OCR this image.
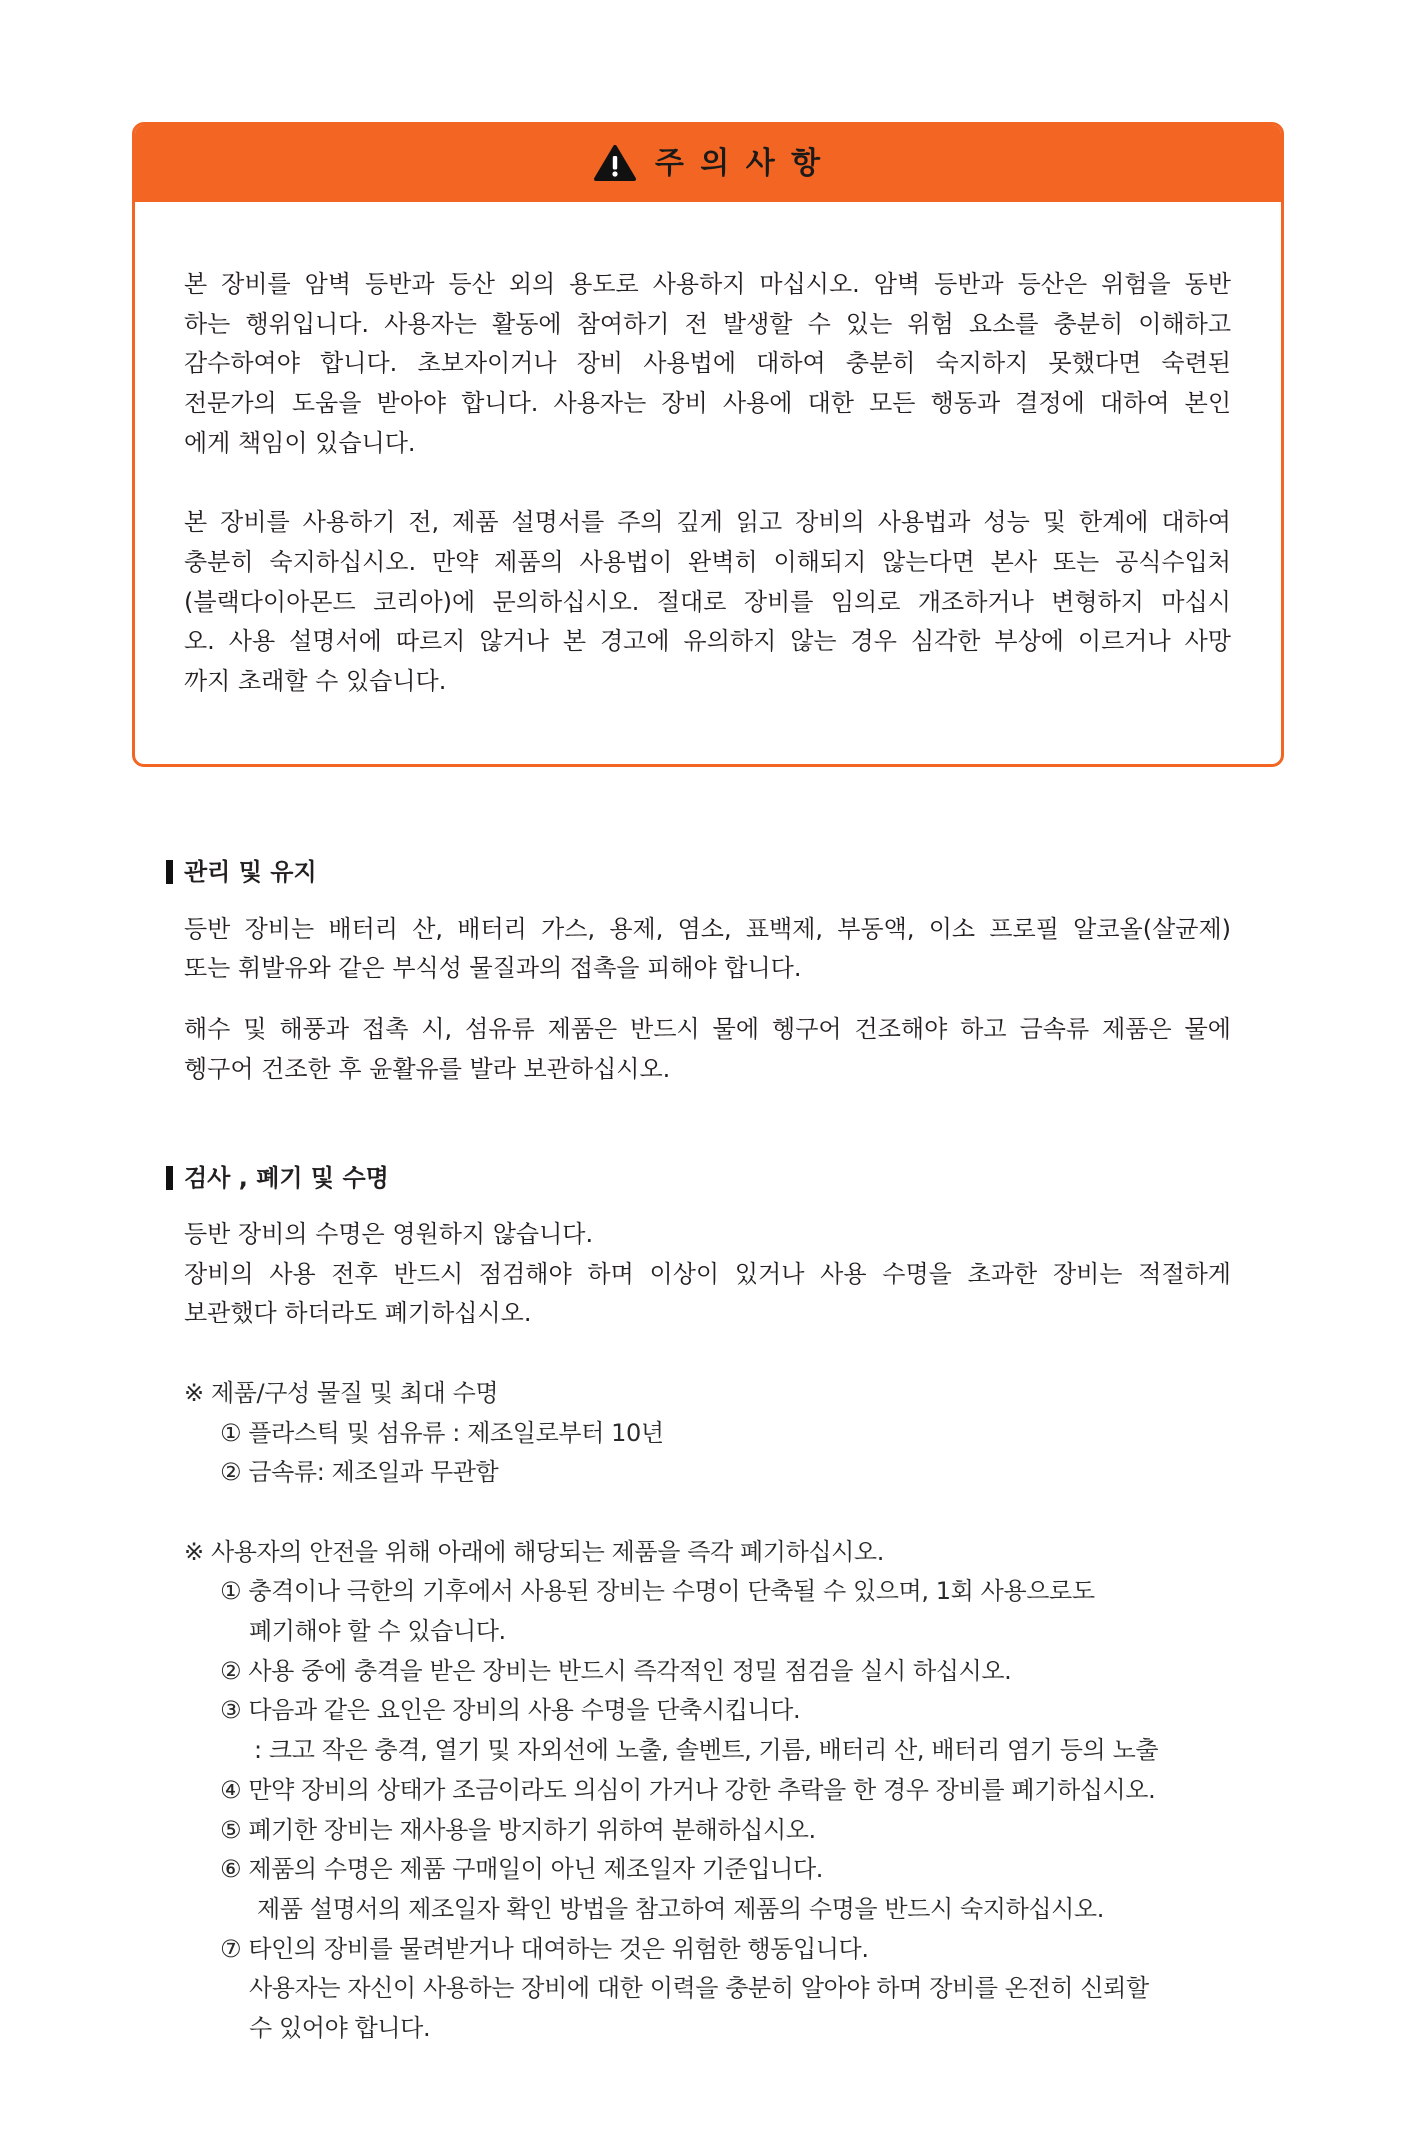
주 의 사 항
본 장비를 암벽 등반과 등산 외의 용도로 사용하지 마십시오. 암벽 등반과 등산은 위험을 동반
하는 행위입니다. 사용자는 활동에 참여하기 전 발생할 수 있는 위험 요소를 충분히 이해하고
감수하여야 합니다. 초보자이거나 장비 사용법에 대하여 충분히 숙지하지 못했다면 숙련된
전문가의 도움을 받아야 합니다. 사용자는 장비 사용에 대한 모든 행동과 결정에 대하여 본인
에게 책임이 있습니다.
본 장비를 사용하기 전, 제품 설명서를 주의 깊게 읽고 장비의 사용법과 성능 및 한계에 대하여
충분히 숙지하십시오. 만약 제품의 사용법이 완벽히 이해되지 않는다면 본사 또는 공식수입처
(블랙다이아몬드 코리아)에 문의하십시오. 절대로 장비를 임의로 개조하거나 변형하지 마십시
오. 사용 설명서에 따르지 않거나 본 경고에 유의하지 않는 경우 심각한 부상에 이르거나 사망
까지 초래할 수 있습니다.
관리 및 유지
등반 장비는 배터리 산, 배터리 가스, 용제, 염소, 표백제, 부동액, 이소 프로필 알코올(살균제)
또는 휘발유와 같은 부식성 물질과의 접촉을 피해야 합니다.
해수 및 해풍과 접촉 시, 섬유류 제품은 반드시 물에 헹구어 건조해야 하고 금속류 제품은 물에
헹구어 건조한 후 윤활유를 발라 보관하십시오.
검사 , 폐기 및 수명
등반 장비의 수명은 영원하지 않습니다.
장비의 사용 전후 반드시 점검해야 하며 이상이 있거나 사용 수명을 초과한 장비는 적절하게
보관했다 하더라도 폐기하십시오.
※ 제품/구성 물질 및 최대 수명
① 플라스틱 및 섬유류 : 제조일로부터 10년
② 금속류: 제조일과 무관함
※ 사용자의 안전을 위해 아래에 해당되는 제품을 즉각 폐기하십시오.
① 충격이나 극한의 기후에서 사용된 장비는 수명이 단축될 수 있으며, 1회 사용으로도
폐기해야 할 수 있습니다.
② 사용 중에 충격을 받은 장비는 반드시 즉각적인 정밀 점검을 실시 하십시오.
③ 다음과 같은 요인은 장비의 사용 수명을 단축시킵니다.
: 크고 작은 충격, 열기 및 자외선에 노출, 솔벤트, 기름, 배터리 산, 배터리 염기 등의 노출
④ 만약 장비의 상태가 조금이라도 의심이 가거나 강한 추락을 한 경우 장비를 폐기하십시오.
⑤ 폐기한 장비는 재사용을 방지하기 위하여 분해하십시오.
⑥ 제품의 수명은 제품 구매일이 아닌 제조일자 기준입니다.
제품 설명서의 제조일자 확인 방법을 참고하여 제품의 수명을 반드시 숙지하십시오.
⑦ 타인의 장비를 물려받거나 대여하는 것은 위험한 행동입니다.
사용자는 자신이 사용하는 장비에 대한 이력을 충분히 알아야 하며 장비를 온전히 신뢰할
수 있어야 합니다.
